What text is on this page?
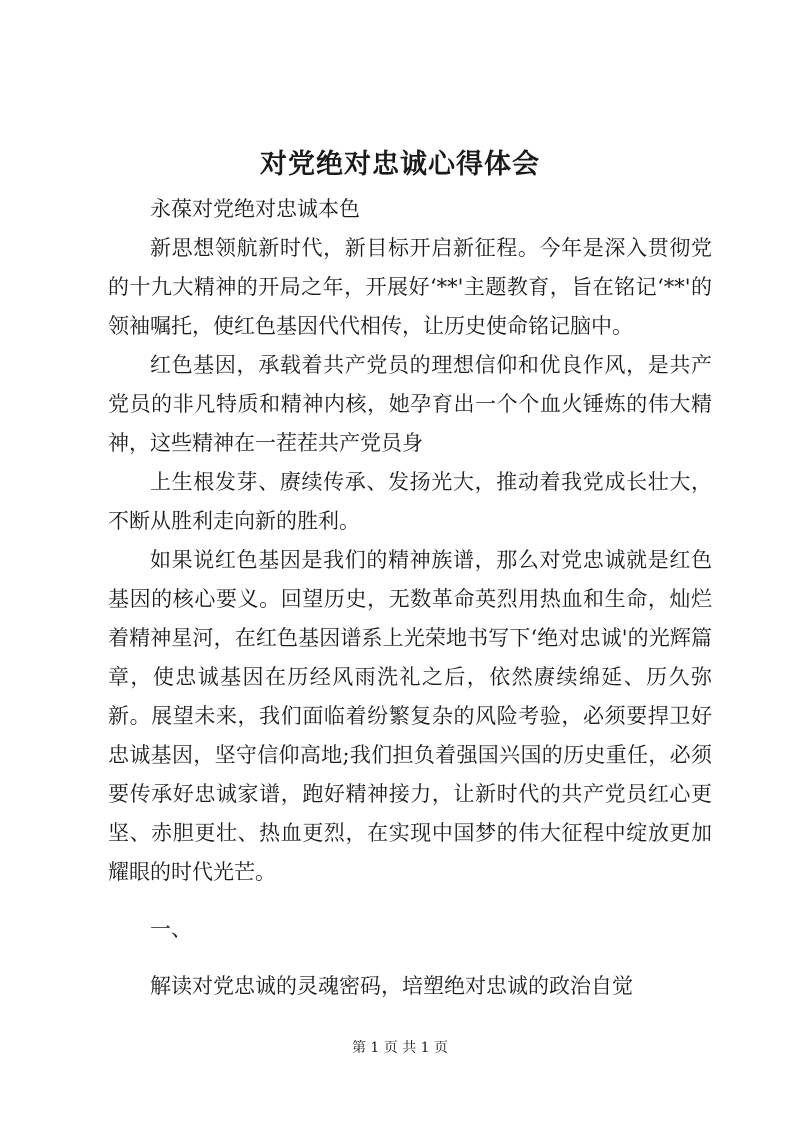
对党绝对忠诚心得体会

永葆对党绝对忠诚本色

新思想领航新时代，新目标开启新征程。今年是深入贯彻党的十九大精神的开局之年，开展好‘**'主题教育，旨在铭记‘**'的领袖嘱托，使红色基因代代相传，让历史使命铭记脑中。

红色基因，承载着共产党员的理想信仰和优良作风，是共产党员的非凡特质和精神内核，她孕育出一个个血火锤炼的伟大精神，这些精神在一茬茬共产党员身

上生根发芽、赓续传承、发扬光大，推动着我党成长壮大，不断从胜利走向新的胜利。

如果说红色基因是我们的精神族谱，那么对党忠诚就是红色基因的核心要义。回望历史，无数革命英烈用热血和生命，灿烂着精神星河，在红色基因谱系上光荣地书写下‘绝对忠诚'的光辉篇章，使忠诚基因在历经风雨洗礼之后，依然赓续绵延、历久弥新。展望未来，我们面临着纷繁复杂的风险考验，必须要捍卫好忠诚基因，坚守信仰高地;我们担负着强国兴国的历史重任，必须要传承好忠诚家谱，跑好精神接力，让新时代的共产党员红心更坚、赤胆更壮、热血更烈，在实现中国梦的伟大征程中绽放更加耀眼的时代光芒。

一、

解读对党忠诚的灵魂密码，培塑绝对忠诚的政治自觉

第 1 页 共 1 页
